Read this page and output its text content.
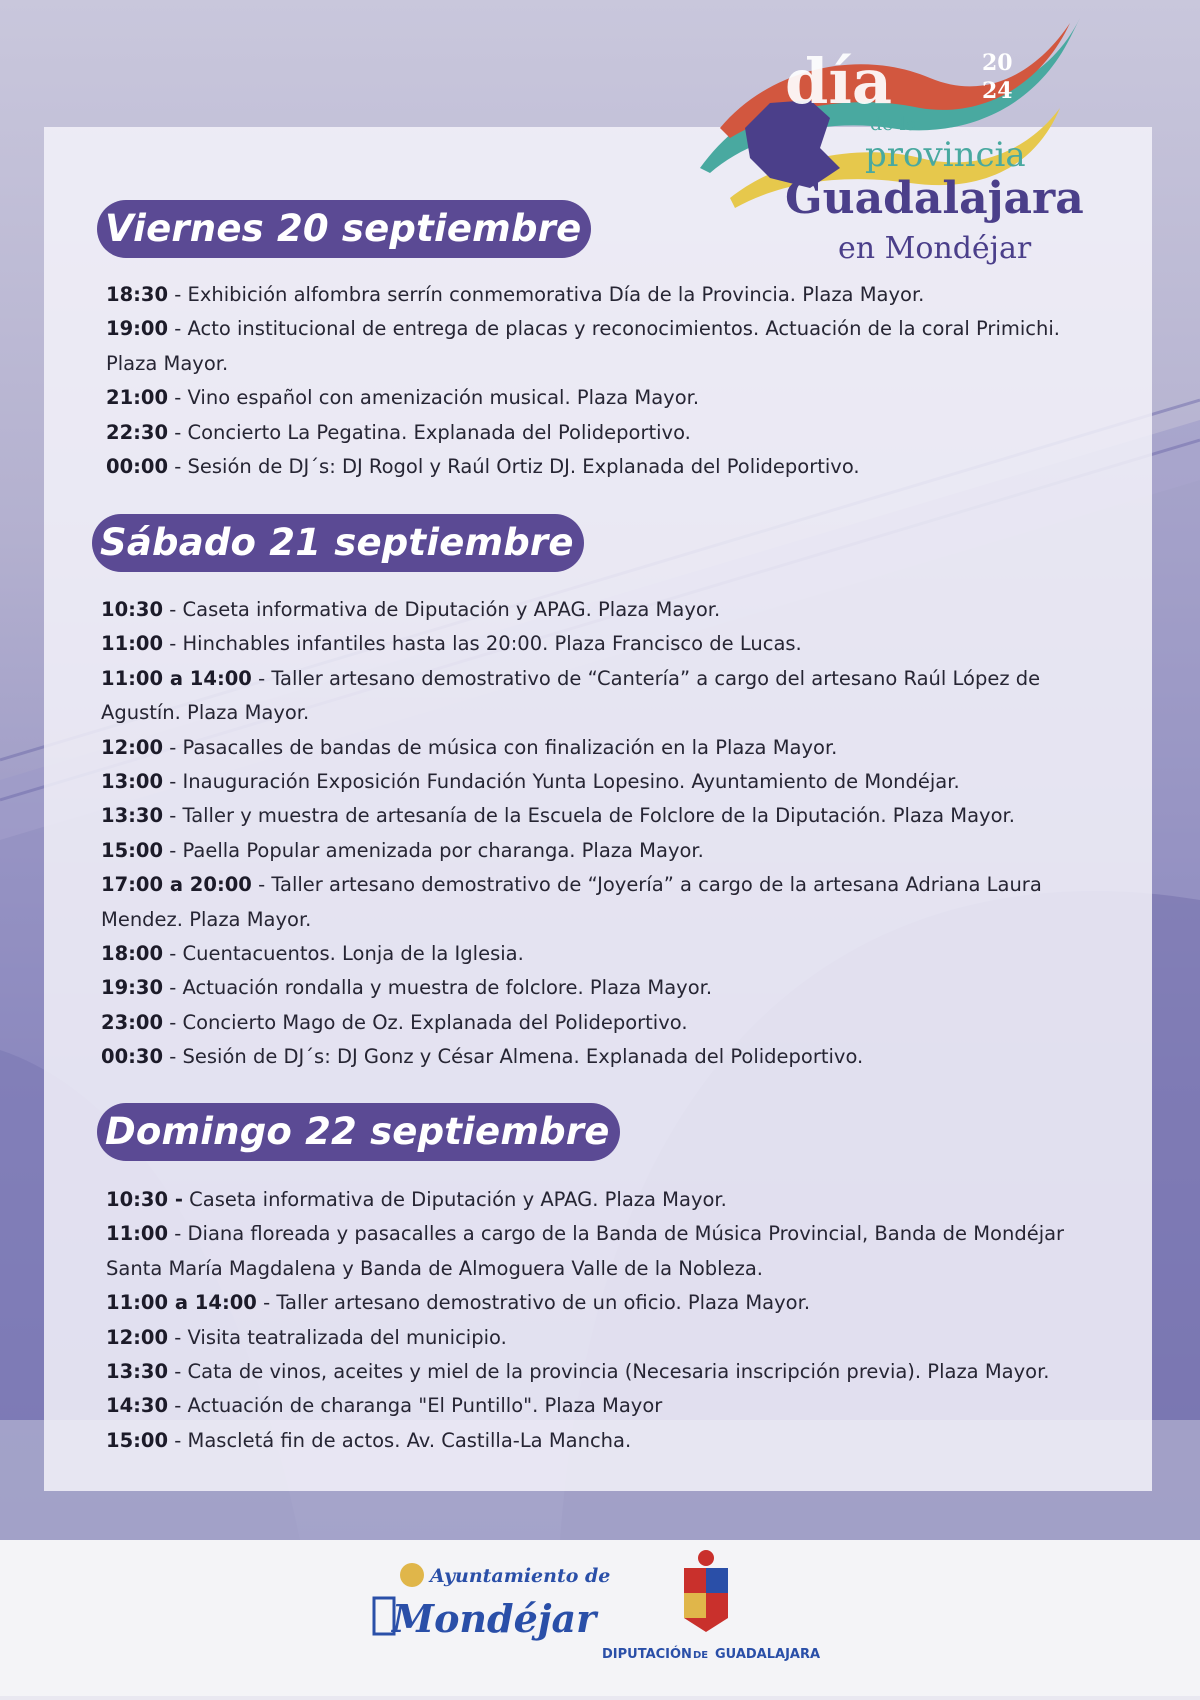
Viernes 20 septiembre

18:30 - Exhibición alfombra serrín conmemorativa Día de la Provincia. Plaza Mayor.

19:00 - Acto institucional de entrega de placas y reconocimientos. Actuación de la coral Primichi. Plaza Mayor.

21:00 - Vino español con amenización musical. Plaza Mayor.

22:30 - Concierto La Pegatina. Explanada del Polideportivo.

00:00 - Sesión de DJ´s: DJ Rogol y Raúl Ortiz DJ. Explanada del Polideportivo.

Sábado 21 septiembre

10:30 - Caseta informativa de Diputación y APAG. Plaza Mayor.

11:00 - Hinchables infantiles hasta las 20:00. Plaza Francisco de Lucas.

11:00 a 14:00 - Taller artesano demostrativo de “Cantería” a cargo del artesano Raúl López de Agustín. Plaza Mayor.

12:00 - Pasacalles de bandas de música con finalización en la Plaza Mayor.

13:00 - Inauguración Exposición Fundación Yunta Lopesino. Ayuntamiento de Mondéjar.

13:30 - Taller y muestra de artesanía de la Escuela de Folclore de la Diputación. Plaza Mayor.

15:00 - Paella Popular amenizada por charanga. Plaza Mayor.

17:00 a 20:00 - Taller artesano demostrativo de “Joyería” a cargo de la artesana Adriana Laura Mendez. Plaza Mayor.

18:00 - Cuentacuentos. Lonja de la Iglesia.

19:30 - Actuación rondalla y muestra de folclore. Plaza Mayor.

23:00 - Concierto Mago de Oz. Explanada del Polideportivo.

00:30 - Sesión de DJ´s: DJ Gonz y César Almena. Explanada del Polideportivo.

Domingo 22 septiembre

10:30 - Caseta informativa de Diputación y APAG. Plaza Mayor.

11:00 - Diana floreada y pasacalles a cargo de la Banda de Música Provincial, Banda de Mondéjar Santa María Magdalena y Banda de Almoguera Valle de la Nobleza.

11:00 a 14:00 - Taller artesano demostrativo de un oficio. Plaza Mayor.

12:00 - Visita teatralizada del municipio.

13:30 - Cata de vinos, aceites y miel de la provincia (Necesaria inscripción previa). Plaza Mayor.

14:30 - Actuación de charanga "El Puntillo". Plaza Mayor

15:00 - Mascletá fin de actos. Av. Castilla-La Mancha.

día	20
24
de la
provincia
Guadalajara
en Mondéjar
Ayuntamiento de
Mondéjar
DIPUTACIÓN DE GUADALAJARA
